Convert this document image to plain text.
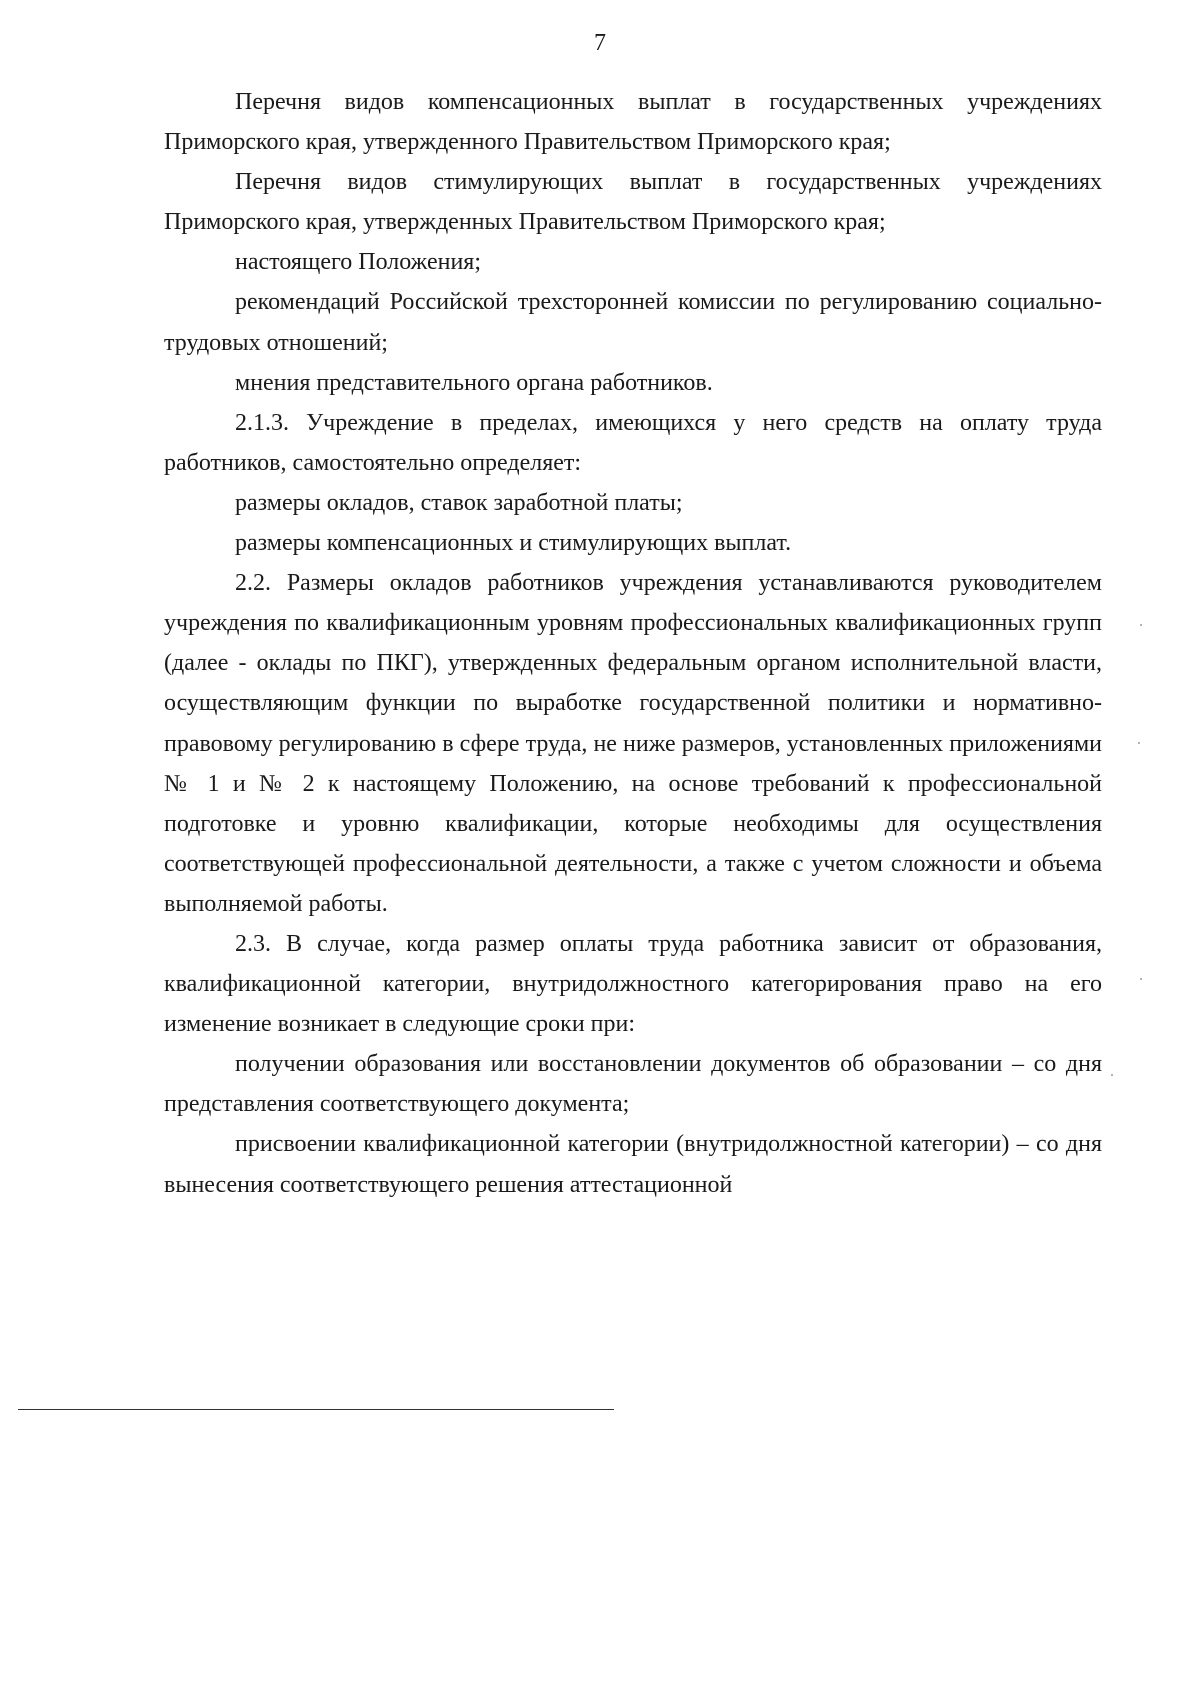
7

Перечня видов компенсационных выплат в государственных учреждениях Приморского края, утвержденного Правительством Приморского края;

Перечня видов стимулирующих выплат в государственных учреждениях Приморского края, утвержденных Правительством Приморского края;

настоящего Положения;

рекомендаций Российской трехсторонней комиссии по регулированию социально-трудовых отношений;

мнения представительного органа работников.

2.1.3. Учреждение в пределах, имеющихся у него средств на оплату труда работников, самостоятельно определяет:

размеры окладов, ставок заработной платы;

размеры компенсационных и стимулирующих выплат.

2.2. Размеры окладов работников учреждения устанавливаются руководителем учреждения по квалификационным уровням профессиональных квалификационных групп (далее - оклады по ПКГ), утвержденных федеральным органом исполнительной власти, осуществляющим функции по выработке государственной политики и нормативно-правовому регулированию в сфере труда, не ниже размеров, установленных приложениями № 1 и № 2 к настоящему Положению, на основе требований к профессиональной подготовке и уровню квалификации, которые необходимы для осуществления соответствующей профессиональной деятельности, а также с учетом сложности и объема выполняемой работы.

2.3. В случае, когда размер оплаты труда работника зависит от образования, квалификационной категории, внутридолжностного категорирования право на его изменение возникает в следующие сроки при:

получении образования или восстановлении документов об образовании – со дня представления соответствующего документа;

присвоении квалификационной категории (внутридолжностной категории) – со дня вынесения соответствующего решения аттестационной
